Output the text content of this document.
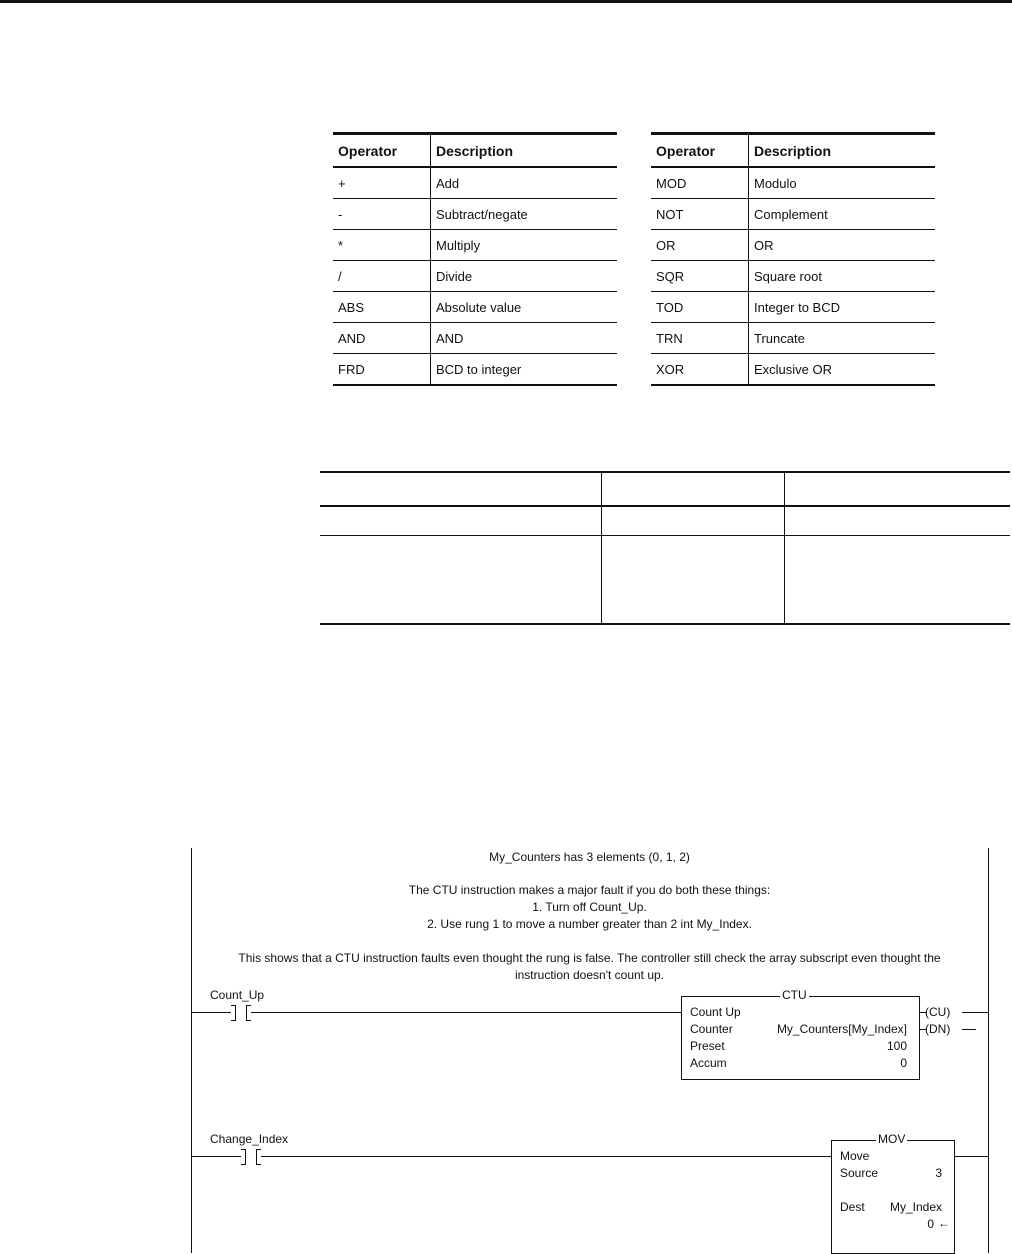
Operator	Description
+	Add
-	Subtract/negate
*	Multiply
/	Divide
ABS	Absolute value
AND	AND
FRD	BCD to integer
Operator	Description
MOD	Modulo
NOT	Complement
OR	OR
SQR	Square root
TOD	Integer to BCD
TRN	Truncate
XOR	Exclusive OR
My_Counters has 3 elements (0, 1, 2)
The CTU instruction makes a major fault if you do both these things:
1. Turn off Count_Up.
2. Use rung 1 to move a number greater than 2 int My_Index.
This shows that a CTU instruction faults even thought the rung is false. The controller still check the array subscript even thought the
instruction doesn't count up.
Count_Up	CTU
Count Up
Counter	My_Counters[My_Index]
Preset	100
Accum	0
(CU)
(DN)
Change_Index	MOV
Move
Source	3
Dest My_Index
0 ←
